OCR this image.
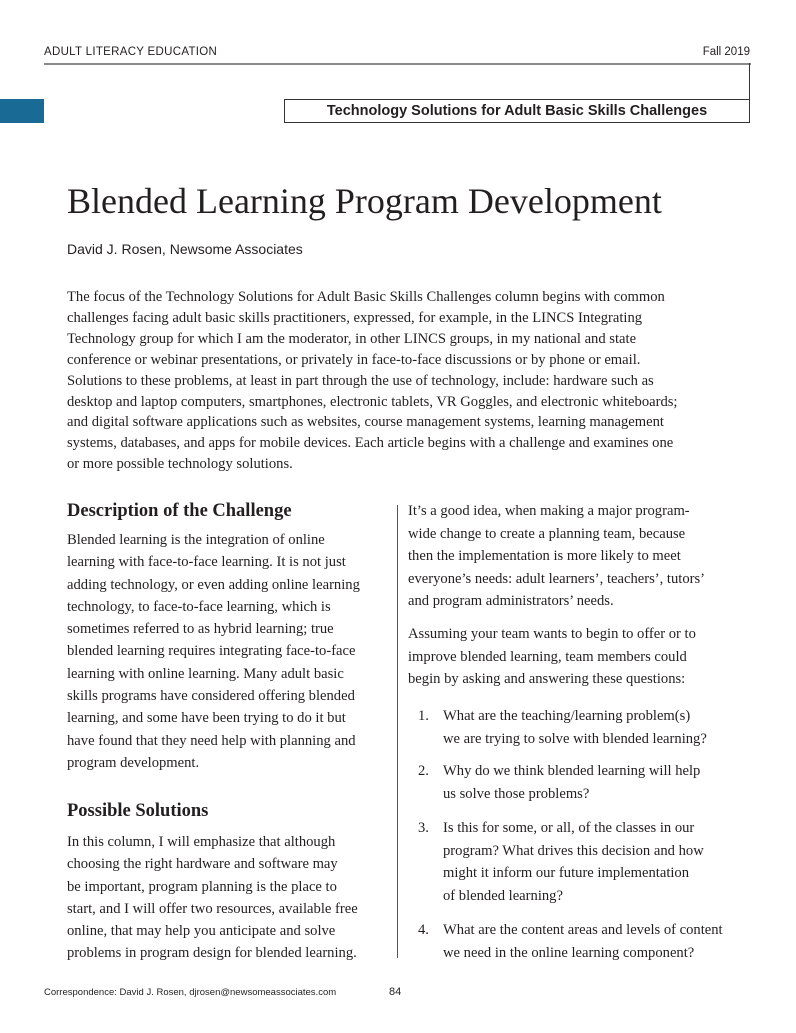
ADULT LITERACY EDUCATION	Fall 2019
Technology Solutions for Adult Basic Skills Challenges
Blended Learning Program Development
David J. Rosen, Newsome Associates
The focus of the Technology Solutions for Adult Basic Skills Challenges column begins with common
challenges facing adult basic skills practitioners, expressed, for example, in the LINCS Integrating
Technology group for which I am the moderator, in other LINCS groups, in my national and state
conference or webinar presentations, or privately in face-to-face discussions or by phone or email.
Solutions to these problems, at least in part through the use of technology, include: hardware such as
desktop and laptop computers, smartphones, electronic tablets, VR Goggles, and electronic whiteboards;
and digital software applications such as websites, course management systems, learning management
systems, databases, and apps for mobile devices. Each article begins with a challenge and examines one
or more possible technology solutions.
Description of the Challenge
Blended learning is the integration of online
learning with face-to-face learning. It is not just
adding technology, or even adding online learning
technology, to face-to-face learning, which is
sometimes referred to as hybrid learning; true
blended learning requires integrating face-to-face
learning with online learning. Many adult basic
skills programs have considered offering blended
learning, and some have been trying to do it but
have found that they need help with planning and
program development.
Possible Solutions
In this column, I will emphasize that although
choosing the right hardware and software may
be important, program planning is the place to
start, and I will offer two resources, available free
online, that may help you anticipate and solve
problems in program design for blended learning.
It’s a good idea, when making a major program-
wide change to create a planning team, because
then the implementation is more likely to meet
everyone’s needs: adult learners’, teachers’, tutors’
and program administrators’ needs.
Assuming your team wants to begin to offer or to
improve blended learning, team members could
begin by asking and answering these questions:
1. What are the teaching/learning problem(s)
we are trying to solve with blended learning?
2. Why do we think blended learning will help
us solve those problems?
3. Is this for some, or all, of the classes in our
program? What drives this decision and how
might it inform our future implementation
of blended learning?
4. What are the content areas and levels of content
we need in the online learning component?
Correspondence: David J. Rosen, djrosen@newsomeassociates.com	84
